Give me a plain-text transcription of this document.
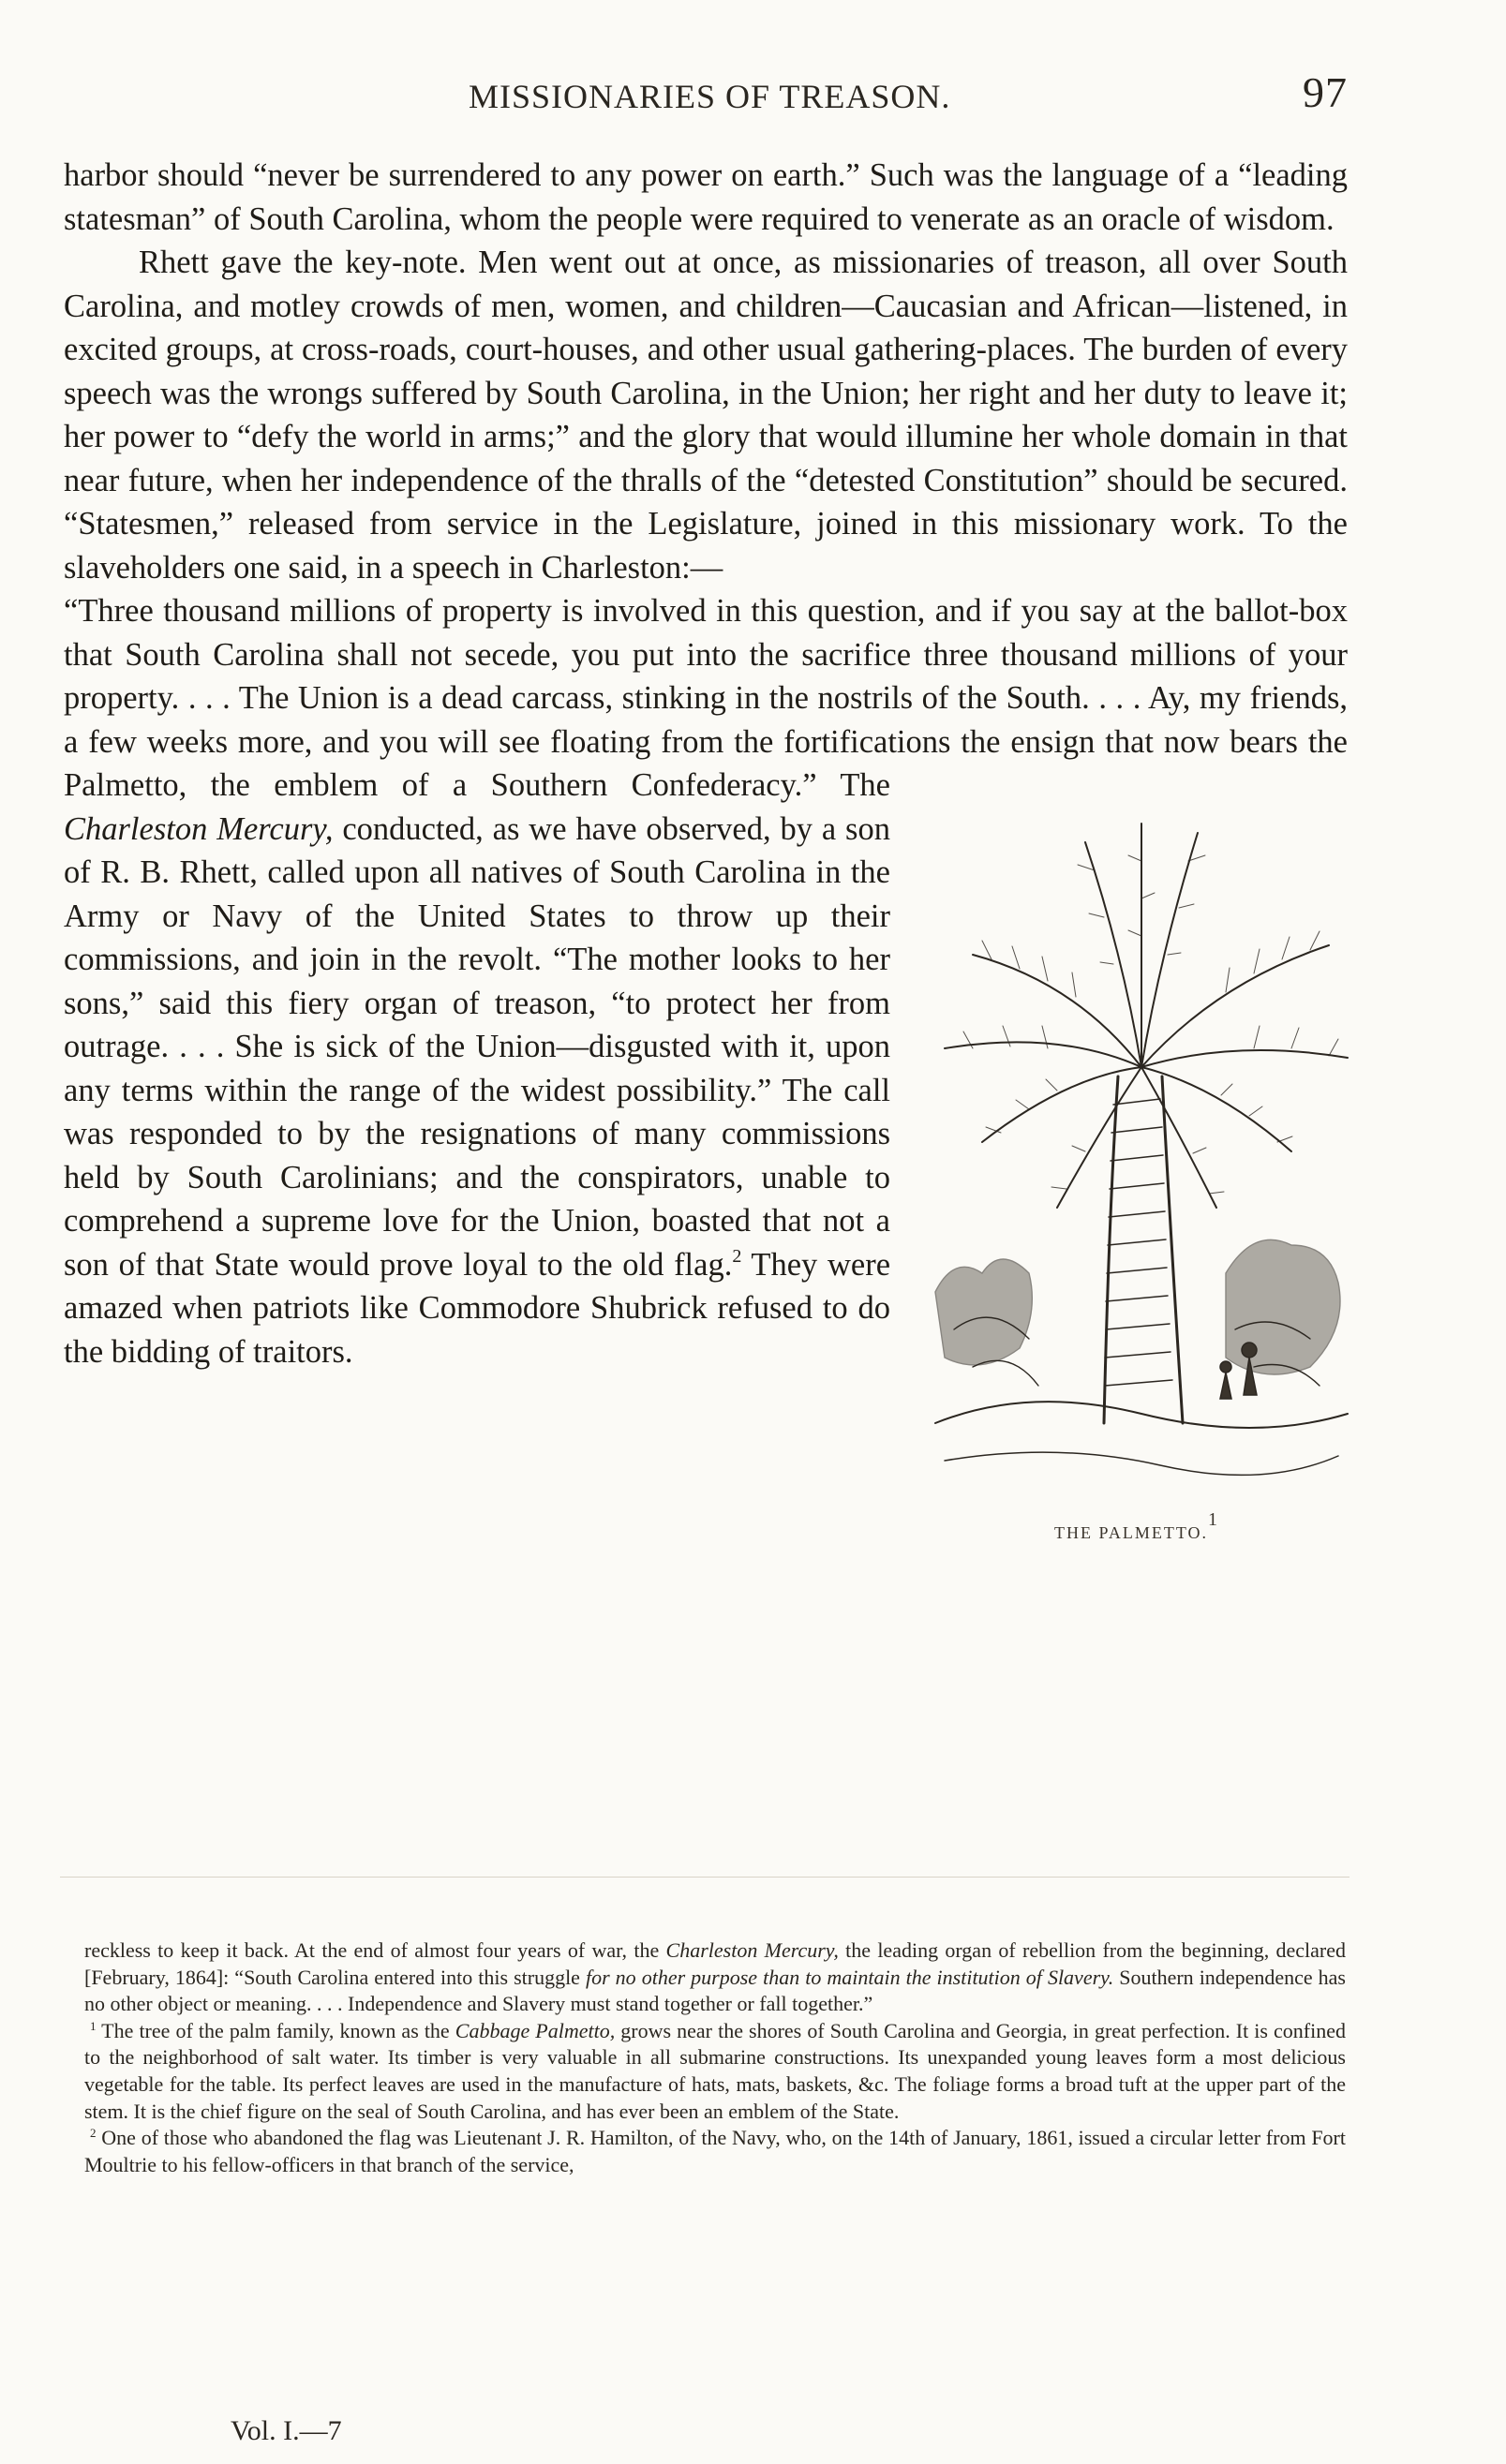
MISSIONARIES OF TREASON.	97

harbor should “never be surrendered to any power on earth.” Such was the language of a “leading statesman” of South Carolina, whom the people were required to venerate as an oracle of wisdom.

Rhett gave the key-note. Men went out at once, as missionaries of treason, all over South Carolina, and motley crowds of men, women, and children—Caucasian and African—listened, in excited groups, at cross-roads, court-houses, and other usual gathering-places. The burden of every speech was the wrongs suffered by South Carolina, in the Union; her right and her duty to leave it; her power to “defy the world in arms;” and the glory that would illumine her whole domain in that near future, when her independence of the thralls of the “detested Constitution” should be secured. “Statesmen,” released from service in the Legislature, joined in this missionary work. To the slaveholders one said, in a speech in Charleston:—

“Three thousand millions of property is involved in this question, and if you say at the ballot-box that South Carolina shall not secede, you put into the sacrifice three thousand millions of your property. . . . The Union is a dead carcass, stinking in the nostrils of the South. . . . Ay, my friends, a few weeks more, and you will see floating from the fortifications the ensign that now bears the Palmetto, the emblem of a Southern Confederacy.” The
THE PALMETTO.$^1$
Charleston Mercury, conducted, as we have observed, by a son of R. B. Rhett, called upon all natives of South Carolina in the Army or Navy of the United States to throw up their commissions, and join in the revolt. “The mother looks to her sons,” said this fiery organ of treason, “to protect her from outrage. . . . She is sick of the Union—disgusted with it, upon any terms within the range of the widest possibility.” The call was responded to by the resignations of many commissions held by South Carolinians; and the conspirators, unable to comprehend a supreme love for the Union, boasted that not a son of that State would prove loyal to the old flag.$^2$ They were amazed when patriots like Commodore Shubrick refused to do the bidding of traitors.

reckless to keep it back. At the end of almost four years of war, the Charleston Mercury, the leading organ of rebellion from the beginning, declared [February, 1864]: “South Carolina entered into this struggle for no other purpose than to maintain the institution of Slavery. Southern independence has no other object or meaning. . . . Independence and Slavery must stand together or fall together.”

$^1$ The tree of the palm family, known as the Cabbage Palmetto, grows near the shores of South Carolina and Georgia, in great perfection. It is confined to the neighborhood of salt water. Its timber is very valuable in all submarine constructions. Its unexpanded young leaves form a most delicious vegetable for the table. Its perfect leaves are used in the manufacture of hats, mats, baskets, &c. The foliage forms a broad tuft at the upper part of the stem. It is the chief figure on the seal of South Carolina, and has ever been an emblem of the State.

$^2$ One of those who abandoned the flag was Lieutenant J. R. Hamilton, of the Navy, who, on the 14th of January, 1861, issued a circular letter from Fort Moultrie to his fellow-officers in that branch of the service,

Vol. I.—7
